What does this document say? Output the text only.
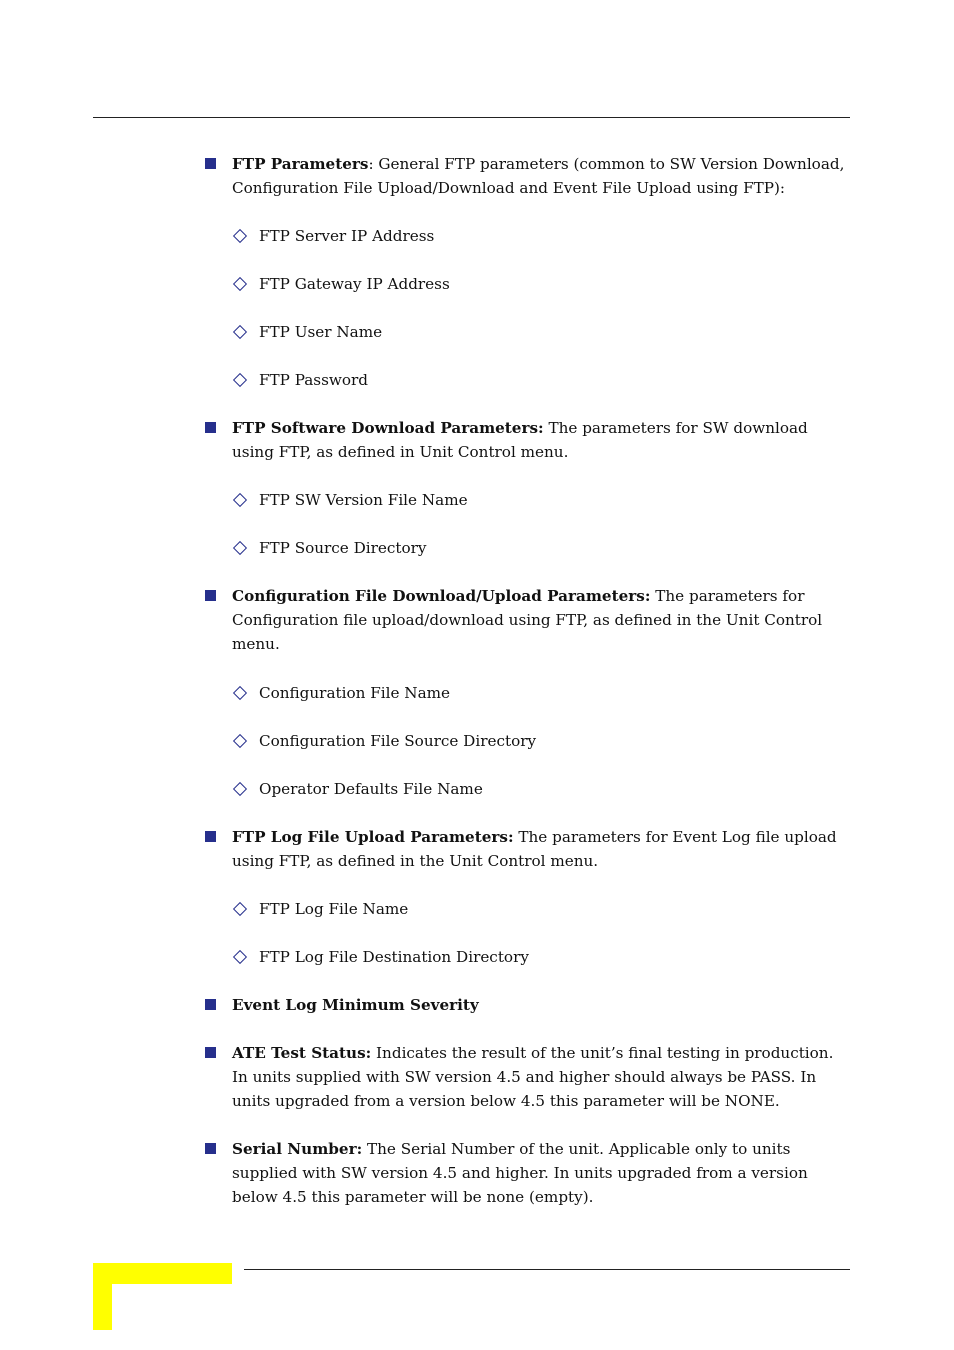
FTP Parameters: General FTP parameters (common to SW Version Download, Configuration File Upload/Download and Event File Upload using FTP):
FTP Server IP Address
FTP Gateway IP Address
FTP User Name
FTP Password
FTP Software Download Parameters: The parameters for SW download using FTP, as defined in Unit Control menu.
FTP SW Version File Name
FTP Source Directory
Configuration File Download/Upload Parameters: The parameters for Configuration file upload/download using FTP, as defined in the Unit Control menu.
Configuration File Name
Configuration File Source Directory
Operator Defaults File Name
FTP Log File Upload Parameters: The parameters for Event Log file upload using FTP, as defined in the Unit Control menu.
FTP Log File Name
FTP Log File Destination Directory
Event Log Minimum Severity
ATE Test Status: Indicates the result of the unit’s final testing in production. In units supplied with SW version 4.5 and higher should always be PASS. In units upgraded from a version below 4.5 this parameter will be NONE.
Serial Number: The Serial Number of the unit. Applicable only to units supplied with SW version 4.5 and higher. In units upgraded from a version below 4.5 this parameter will be none (empty).
